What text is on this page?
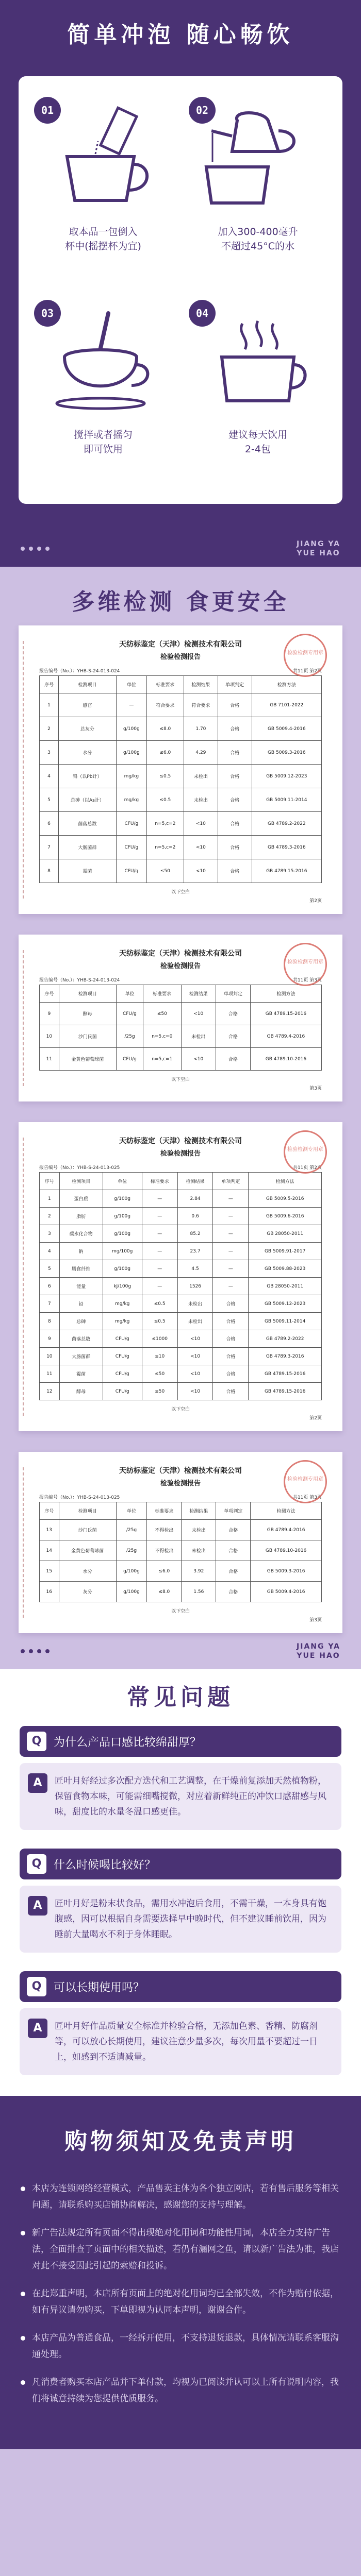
简单冲泡 随心畅饮
01
取本品一包倒入
杯中(摇摆杯为宜)
02
加入300-400毫升
不超过45°C的水
03
搅拌或者摇匀
即可饮用
04
建议每天饮用
2-4包
JIANG YA
YUE HAO
多维检测 食更安全
检验检测专用章
天纺标鉴定（天津）检测技术有限公司
检验检测报告
报告编号（No.）：YHB-S-24-013-024	共11页 第2页
序号	检测项目	单位	标准要求	检测结果	单项判定	检测方法
1	感官	—	符合要求	符合要求	合格	GB 7101-2022
2	总灰分	g/100g	≤8.0	1.70	合格	GB 5009.4-2016
3	水分	g/100g	≤6.0	4.29	合格	GB 5009.3-2016
4	铅（以Pb计）	mg/kg	≤0.5	未检出	合格	GB 5009.12-2023
5	总砷（以As计）	mg/kg	≤0.5	未检出	合格	GB 5009.11-2014
6	菌落总数	CFU/g	n=5,c=2	<10	合格	GB 4789.2-2022
7	大肠菌群	CFU/g	n=5,c=2	<10	合格	GB 4789.3-2016
8	霉菌	CFU/g	≤50	<10	合格	GB 4789.15-2016
以下空白
第2页
检验检测专用章
天纺标鉴定（天津）检测技术有限公司
检验检测报告
报告编号（No.）：YHB-S-24-013-024	共11页 第3页
序号	检测项目	单位	标准要求	检测结果	单项判定	检测方法
9	酵母	CFU/g	≤50	<10	合格	GB 4789.15-2016
10	沙门氏菌	/25g	n=5,c=0	未检出	合格	GB 4789.4-2016
11	金黄色葡萄球菌	CFU/g	n=5,c=1	<10	合格	GB 4789.10-2016
以下空白
第3页
检验检测专用章
天纺标鉴定（天津）检测技术有限公司
检验检测报告
报告编号（No.）：YHB-S-24-013-025	共11页 第2页
序号	检测项目	单位	标准要求	检测结果	单项判定	检测方法
1	蛋白质	g/100g	—	2.84	—	GB 5009.5-2016
2	脂肪	g/100g	—	0.6	—	GB 5009.6-2016
3	碳水化合物	g/100g	—	85.2	—	GB 28050-2011
4	钠	mg/100g	—	23.7	—	GB 5009.91-2017
5	膳食纤维	g/100g	—	4.5	—	GB 5009.88-2023
6	能量	kJ/100g	—	1526	—	GB 28050-2011
7	铅	mg/kg	≤0.5	未检出	合格	GB 5009.12-2023
8	总砷	mg/kg	≤0.5	未检出	合格	GB 5009.11-2014
9	菌落总数	CFU/g	≤1000	<10	合格	GB 4789.2-2022
10	大肠菌群	CFU/g	≤10	<10	合格	GB 4789.3-2016
11	霉菌	CFU/g	≤50	<10	合格	GB 4789.15-2016
12	酵母	CFU/g	≤50	<10	合格	GB 4789.15-2016
以下空白
第2页
检验检测专用章
天纺标鉴定（天津）检测技术有限公司
检验检测报告
报告编号（No.）：YHB-S-24-013-025	共11页 第3页
序号	检测项目	单位	标准要求	检测结果	单项判定	检测方法
13	沙门氏菌	/25g	不得检出	未检出	合格	GB 4789.4-2016
14	金黄色葡萄球菌	/25g	不得检出	未检出	合格	GB 4789.10-2016
15	水分	g/100g	≤6.0	3.92	合格	GB 5009.3-2016
16	灰分	g/100g	≤8.0	1.56	合格	GB 5009.4-2016
以下空白
第3页
JIANG YA
YUE HAO
常见问题
Q	为什么产品口感比较绵甜厚？
A	匠叶月好经过多次配方迭代和工艺调整，在干燥前复添加天然植物粉，保留食物本味，可能需细嘴搅微，对应着新鲜纯正的冲饮口感甜感与风味，甜度比的水量冬温口感更佳。
Q	什么时候喝比较好？
A	匠叶月好是粉末状食品，需用水冲泡后食用，不需干燥，一本身具有饱腹感，因可以根据自身需要选择早中晚时代，但不建议睡前饮用，因为睡前大量喝水不利于身体睡眠。
Q	可以长期使用吗？
A	匠叶月好作品质量安全标准并检验合格，无添加色素、香精、防腐剂等，可以放心长期使用，建议注意少量多次，每次用量不要超过一日上，如感到不适请减量。
购物须知及免责声明
本店为连锁网络经营模式，产品售卖主体为各个独立网店，若有售后服务等相关问题，请联系购买店铺协商解决，感谢您的支持与理解。
新广告法规定所有页面不得出现绝对化用词和功能性用词，本店全力支持广告法，全面排查了页面中的相关描述，若仍有漏网之鱼，请以新广告法为准，我店对此不接受因此引起的索赔和投诉。
在此郑重声明，本店所有页面上的绝对化用词均已全部失效，不作为赔付依据，如有异议请勿购买，下单即视为认同本声明，谢谢合作。
本店产品为普通食品，一经拆开使用，不支持退货退款，具体情况请联系客服沟通处理。
凡消费者购买本店产品并下单付款，均视为已阅读并认可以上所有说明内容，我们将诚意持续为您提供优质服务。
